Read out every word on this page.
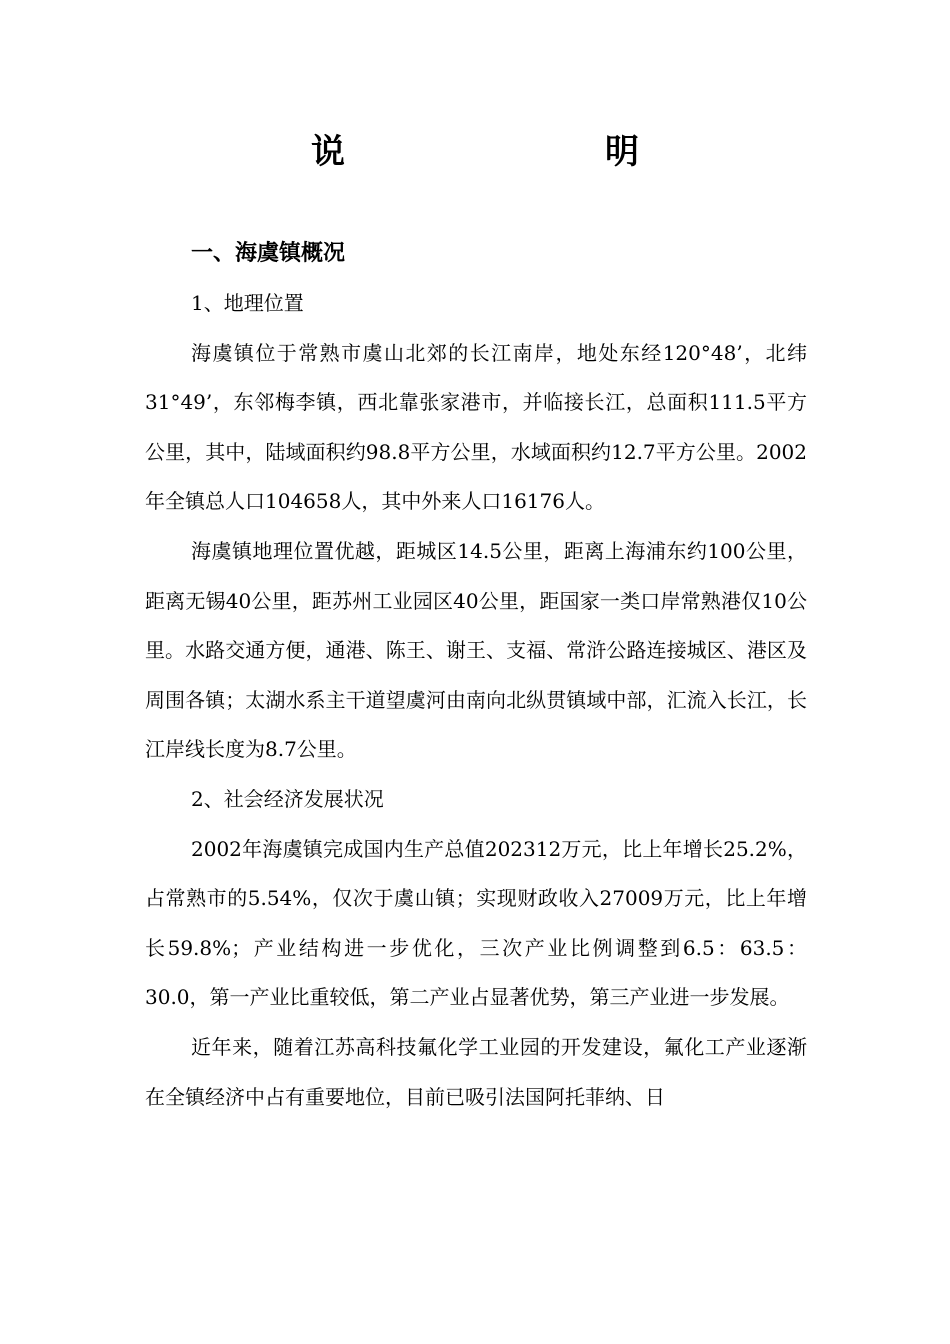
说　　明
一、海虞镇概况

1、地理位置

海虞镇位于常熟市虞山北郊的长江南岸，地处东经120°48’，北纬31°49’，东邻梅李镇，西北靠张家港市，并临接长江，总面积111.5平方公里，其中，陆域面积约98.8平方公里，水域面积约12.7平方公里。2002年全镇总人口104658人，其中外来人口16176人。

海虞镇地理位置优越，距城区14.5公里，距离上海浦东约100公里，距离无锡40公里，距苏州工业园区40公里，距国家一类口岸常熟港仅10公里。水路交通方便，通港、陈王、谢王、支福、常浒公路连接城区、港区及周围各镇；太湖水系主干道望虞河由南向北纵贯镇域中部，汇流入长江，长江岸线长度为8.7公里。

2、社会经济发展状况

2002年海虞镇完成国内生产总值202312万元，比上年增长25.2%，占常熟市的5.54%，仅次于虞山镇；实现财政收入27009万元，比上年增长59.8%；产业结构进一步优化，三次产业比例调整到6.5：63.5：30.0，第一产业比重较低，第二产业占显著优势，第三产业进一步发展。

近年来，随着江苏高科技氟化学工业园的开发建设，氟化工产业逐渐在全镇经济中占有重要地位，目前已吸引法国阿托菲纳、日
